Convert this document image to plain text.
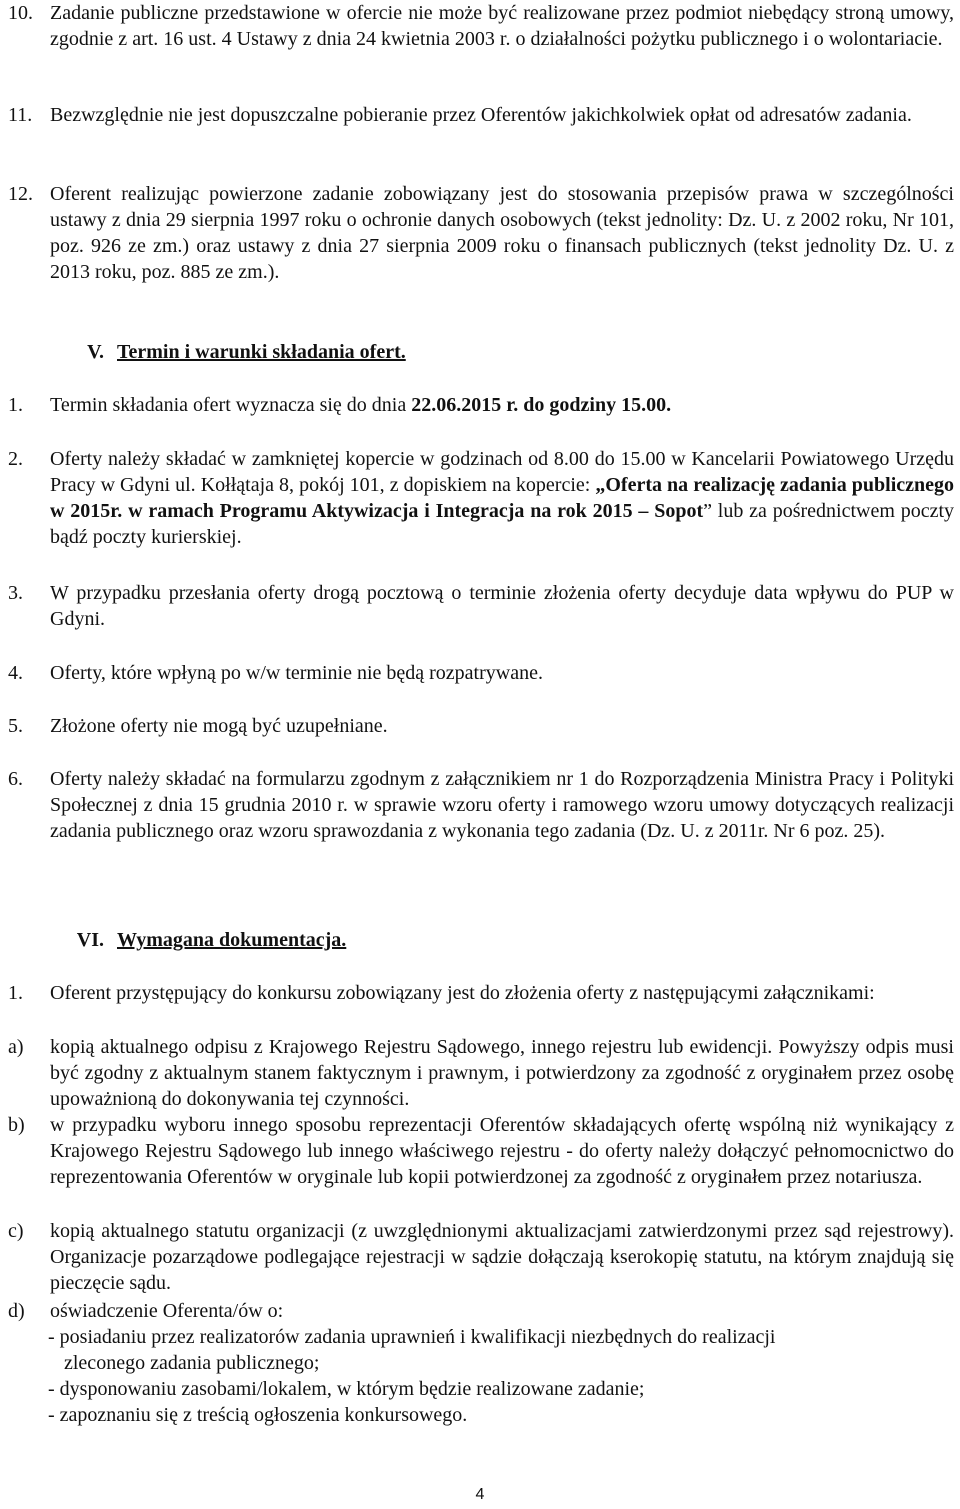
10. Zadanie publiczne przedstawione w ofercie nie może być realizowane przez podmiot niebędący stroną umowy, zgodnie z art. 16 ust. 4 Ustawy z dnia 24 kwietnia 2003 r. o działalności pożytku publicznego i o wolontariacie.
11. Bezwzględnie nie jest dopuszczalne pobieranie przez Oferentów jakichkolwiek opłat od adresatów zadania.
12. Oferent realizując powierzone zadanie zobowiązany jest do stosowania przepisów prawa w szczególności ustawy z dnia 29 sierpnia 1997 roku o ochronie danych osobowych (tekst jednolity: Dz. U. z 2002 roku, Nr 101, poz. 926 ze zm.) oraz ustawy z dnia 27 sierpnia 2009 roku o finansach publicznych (tekst jednolity Dz. U. z 2013 roku, poz. 885 ze zm.).
V. Termin i warunki składania ofert.
1.	Termin składania ofert wyznacza się do dnia 22.06.2015 r. do godziny 15.00.
2.	Oferty należy składać w zamkniętej kopercie w godzinach od 8.00 do 15.00 w Kancelarii Powiatowego Urzędu Pracy w Gdyni ul. Kołłątaja 8, pokój 101, z dopiskiem na kopercie: „Oferta na realizację zadania publicznego w 2015r. w ramach Programu Aktywizacja i Integracja na rok 2015 – Sopot” lub za pośrednictwem poczty bądź poczty kurierskiej.
3.	W przypadku przesłania oferty drogą pocztową o terminie złożenia oferty decyduje data wpływu do PUP w Gdyni.
4.	Oferty, które wpłyną po w/w terminie nie będą rozpatrywane.
5.	Złożone oferty nie mogą być uzupełniane.
6.	Oferty należy składać na formularzu zgodnym z załącznikiem nr 1 do Rozporządzenia Ministra Pracy i Polityki Społecznej z dnia 15 grudnia 2010 r. w sprawie wzoru oferty i ramowego wzoru umowy dotyczących realizacji zadania publicznego oraz wzoru sprawozdania z wykonania tego zadania (Dz. U. z 2011r. Nr 6 poz. 25).
VI. Wymagana dokumentacja.
1.	Oferent przystępujący do konkursu zobowiązany jest do złożenia oferty z następującymi załącznikami:
a)	kopią aktualnego odpisu z Krajowego Rejestru Sądowego, innego rejestru lub ewidencji. Powyższy odpis musi być zgodny z aktualnym stanem faktycznym i prawnym, i potwierdzony za zgodność z oryginałem przez osobę upoważnioną do dokonywania tej czynności.
b)	w przypadku wyboru innego sposobu reprezentacji Oferentów składających ofertę wspólną niż wynikający z Krajowego Rejestru Sądowego lub innego właściwego rejestru - do oferty należy dołączyć pełnomocnictwo do reprezentowania Oferentów w oryginale lub kopii potwierdzonej za zgodność z oryginałem przez notariusza.
c)	kopią aktualnego statutu organizacji (z uwzględnionymi aktualizacjami zatwierdzonymi przez sąd rejestrowy). Organizacje pozarządowe podlegające rejestracji w sądzie dołączają kserokopię statutu, na którym znajdują się pieczęcie sądu.
d)	oświadczenie Oferenta/ów o:
- posiadaniu przez realizatorów zadania uprawnień i kwalifikacji niezbędnych do realizacji
zleconego zadania publicznego;
- dysponowaniu zasobami/lokalem, w którym będzie realizowane zadanie;
- zapoznaniu się z treścią ogłoszenia konkursowego.
4
